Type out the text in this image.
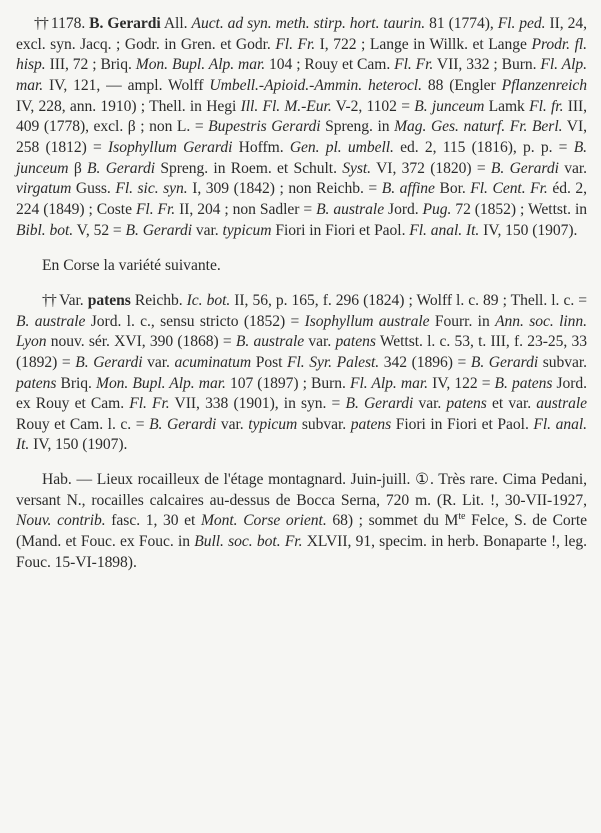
†† 1178. B. Gerardi All. Auct. ad syn. meth. stirp. hort. taurin. 81 (1774), Fl. ped. II, 24, excl. syn. Jacq. ; Godr. in Gren. et Godr. Fl. Fr. I, 722 ; Lange in Willk. et Lange Prodr. fl. hisp. III, 72 ; Briq. Mon. Bupl. Alp. mar. 104 ; Rouy et Cam. Fl. Fr. VII, 332 ; Burn. Fl. Alp. mar. IV, 121, — ampl. Wolff Umbell.-Apioid.-Ammin. heterocl. 88 (Engler Pflanzenreich IV, 228, ann. 1910) ; Thell. in Hegi Ill. Fl. M.-Eur. V-2, 1102 = B. junceum Lamk Fl. fr. III, 409 (1778), excl. β ; non L. = Bupestris Gerardi Spreng. in Mag. Ges. naturf. Fr. Berl. VI, 258 (1812) = Isophyllum Gerardi Hoffm. Gen. pl. umbell. ed. 2, 115 (1816), p. p. = B. junceum β B. Gerardi Spreng. in Roem. et Schult. Syst. VI, 372 (1820) = B. Gerardi var. virgatum Guss. Fl. sic. syn. I, 309 (1842) ; non Reichb. = B. affine Bor. Fl. Cent. Fr. éd. 2, 224 (1849) ; Coste Fl. Fr. II, 204 ; non Sadler = B. australe Jord. Pug. 72 (1852) ; Wettst. in Bibl. bot. V, 52 = B. Gerardi var. typicum Fiori in Fiori et Paol. Fl. anal. It. IV, 150 (1907).

En Corse la variété suivante.

†† Var. patens Reichb. Ic. bot. II, 56, p. 165, f. 296 (1824) ; Wolff l. c. 89 ; Thell. l. c. = B. australe Jord. l. c., sensu stricto (1852) = Isophyllum australe Fourr. in Ann. soc. linn. Lyon nouv. sér. XVI, 390 (1868) = B. australe var. patens Wettst. l. c. 53, t. III, f. 23-25, 33 (1892) = B. Gerardi var. acuminatum Post Fl. Syr. Palest. 342 (1896) = B. Gerardi subvar. patens Briq. Mon. Bupl. Alp. mar. 107 (1897) ; Burn. Fl. Alp. mar. IV, 122 = B. patens Jord. ex Rouy et Cam. Fl. Fr. VII, 338 (1901), in syn. = B. Gerardi var. patens et var. australe Rouy et Cam. l. c. = B. Gerardi var. typicum subvar. patens Fiori in Fiori et Paol. Fl. anal. It. IV, 150 (1907).

Hab. — Lieux rocailleux de l'étage montagnard. Juin-juill. ①. Très rare. Cima Pedani, versant N., rocailles calcaires au-dessus de Bocca Serna, 720 m. (R. Lit. !, 30-VII-1927, Nouv. contrib. fasc. 1, 30 et Mont. Corse orient. 68) ; sommet du $M^{te}$ Felce, S. de Corte (Mand. et Fouc. ex Fouc. in Bull. soc. bot. Fr. XLVII, 91, specim. in herb. Bonaparte !, leg. Fouc. 15-VI-1898).
